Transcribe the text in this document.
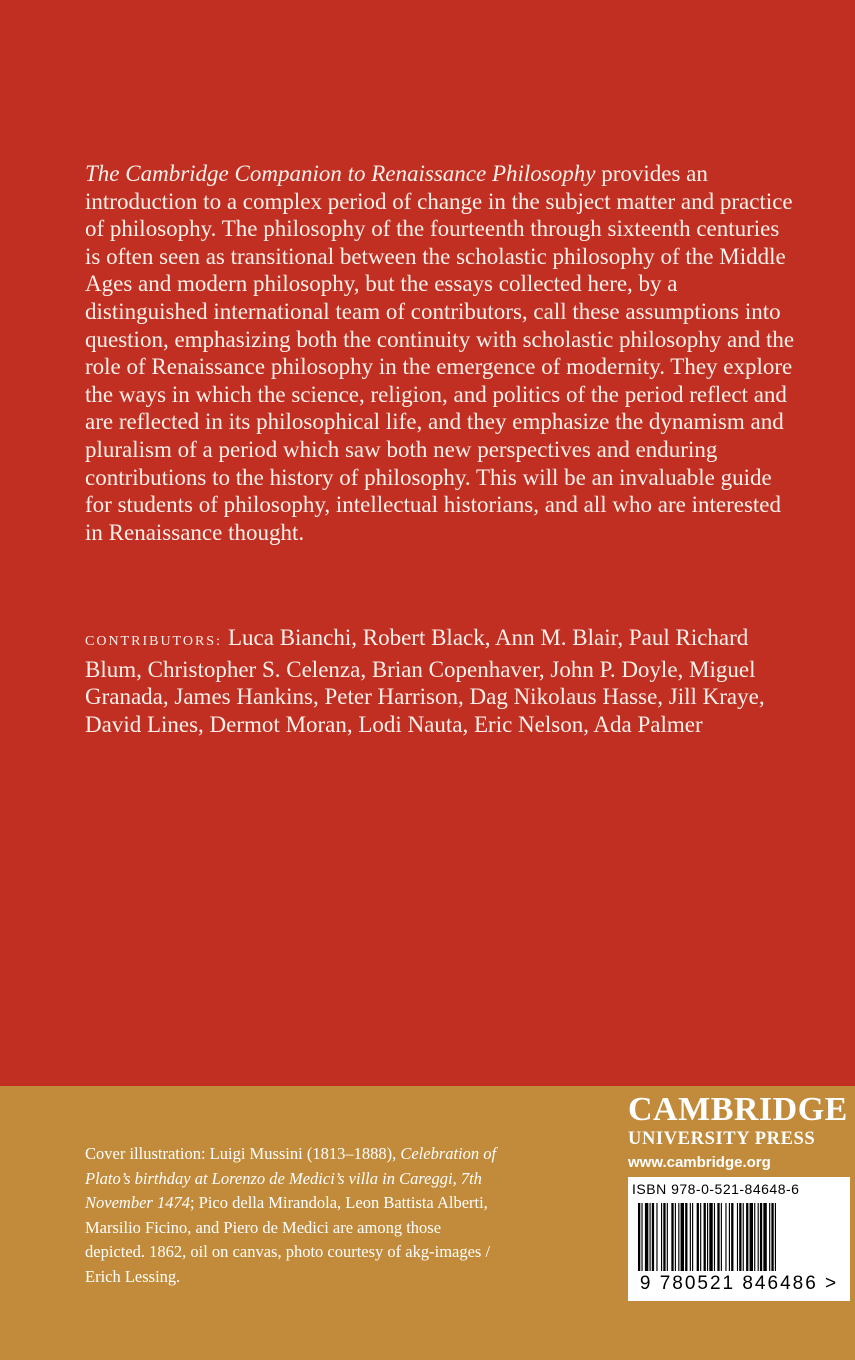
The Cambridge Companion to Renaissance Philosophy provides an introduction to a complex period of change in the subject matter and practice of philosophy. The philosophy of the fourteenth through sixteenth centuries is often seen as transitional between the scholastic philosophy of the Middle Ages and modern philosophy, but the essays collected here, by a distinguished international team of contributors, call these assumptions into question, emphasizing both the continuity with scholastic philosophy and the role of Renaissance philosophy in the emergence of modernity. They explore the ways in which the science, religion, and politics of the period reflect and are reflected in its philosophical life, and they emphasize the dynamism and pluralism of a period which saw both new perspectives and enduring contributions to the history of philosophy. This will be an invaluable guide for students of philosophy, intellectual historians, and all who are interested in Renaissance thought.

CONTRIBUTORS: Luca Bianchi, Robert Black, Ann M. Blair, Paul Richard Blum, Christopher S. Celenza, Brian Copenhaver, John P. Doyle, Miguel Granada, James Hankins, Peter Harrison, Dag Nikolaus Hasse, Jill Kraye, David Lines, Dermot Moran, Lodi Nauta, Eric Nelson, Ada Palmer

Cover illustration: Luigi Mussini (1813–1888), Celebration of Plato’s birthday at Lorenzo de Medici’s villa in Careggi, 7th November 1474; Pico della Mirandola, Leon Battista Alberti, Marsilio Ficino, and Piero de Medici are among those depicted. 1862, oil on canvas, photo courtesy of akg-images / Erich Lessing.

CAMBRIDGE
UNIVERSITY PRESS
www.cambridge.org
ISBN 978-0-521-84648-6
9 780521 846486 >
